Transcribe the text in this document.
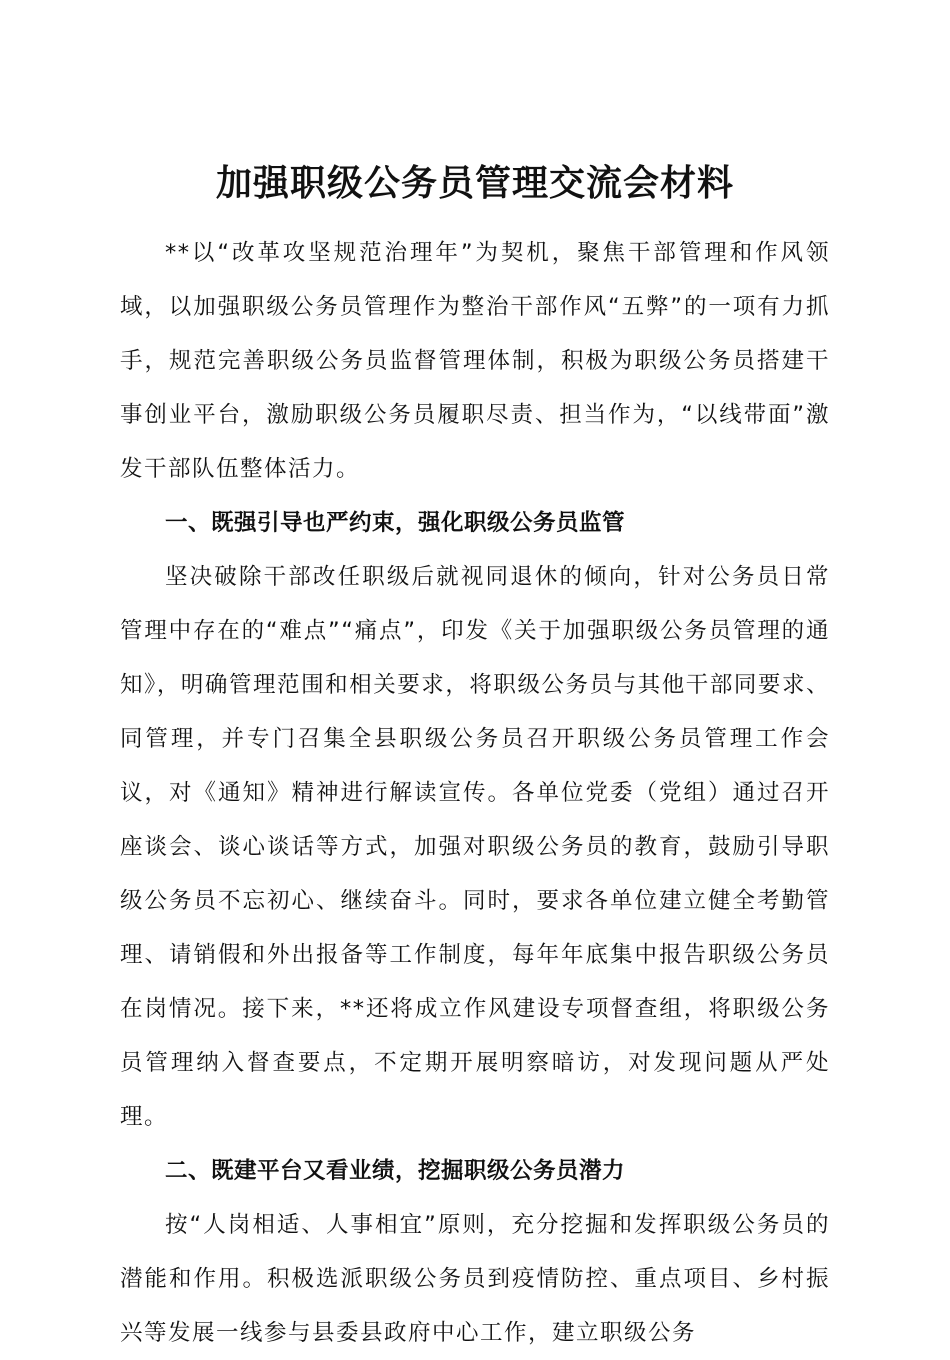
加强职级公务员管理交流会材料

**以“改革攻坚规范治理年”为契机，聚焦干部管理和作风领域，以加强职级公务员管理作为整治干部作风“五弊”的一项有力抓手，规范完善职级公务员监督管理体制，积极为职级公务员搭建干事创业平台，激励职级公务员履职尽责、担当作为，“以线带面”激发干部队伍整体活力。

一、既强引导也严约束，强化职级公务员监管

坚决破除干部改任职级后就视同退休的倾向，针对公务员日常管理中存在的“难点”“痛点”，印发《关于加强职级公务员管理的通知》，明确管理范围和相关要求，将职级公务员与其他干部同要求、同管理，并专门召集全县职级公务员召开职级公务员管理工作会议，对《通知》精神进行解读宣传。各单位党委（党组）通过召开座谈会、谈心谈话等方式，加强对职级公务员的教育，鼓励引导职级公务员不忘初心、继续奋斗。同时，要求各单位建立健全考勤管理、请销假和外出报备等工作制度，每年年底集中报告职级公务员在岗情况。接下来，**还将成立作风建设专项督查组，将职级公务员管理纳入督查要点，不定期开展明察暗访，对发现问题从严处理。

二、既建平台又看业绩，挖掘职级公务员潜力

按“人岗相适、人事相宜”原则，充分挖掘和发挥职级公务员的潜能和作用。积极选派职级公务员到疫情防控、重点项目、乡村振兴等发展一线参与县委县政府中心工作，建立职级公务
